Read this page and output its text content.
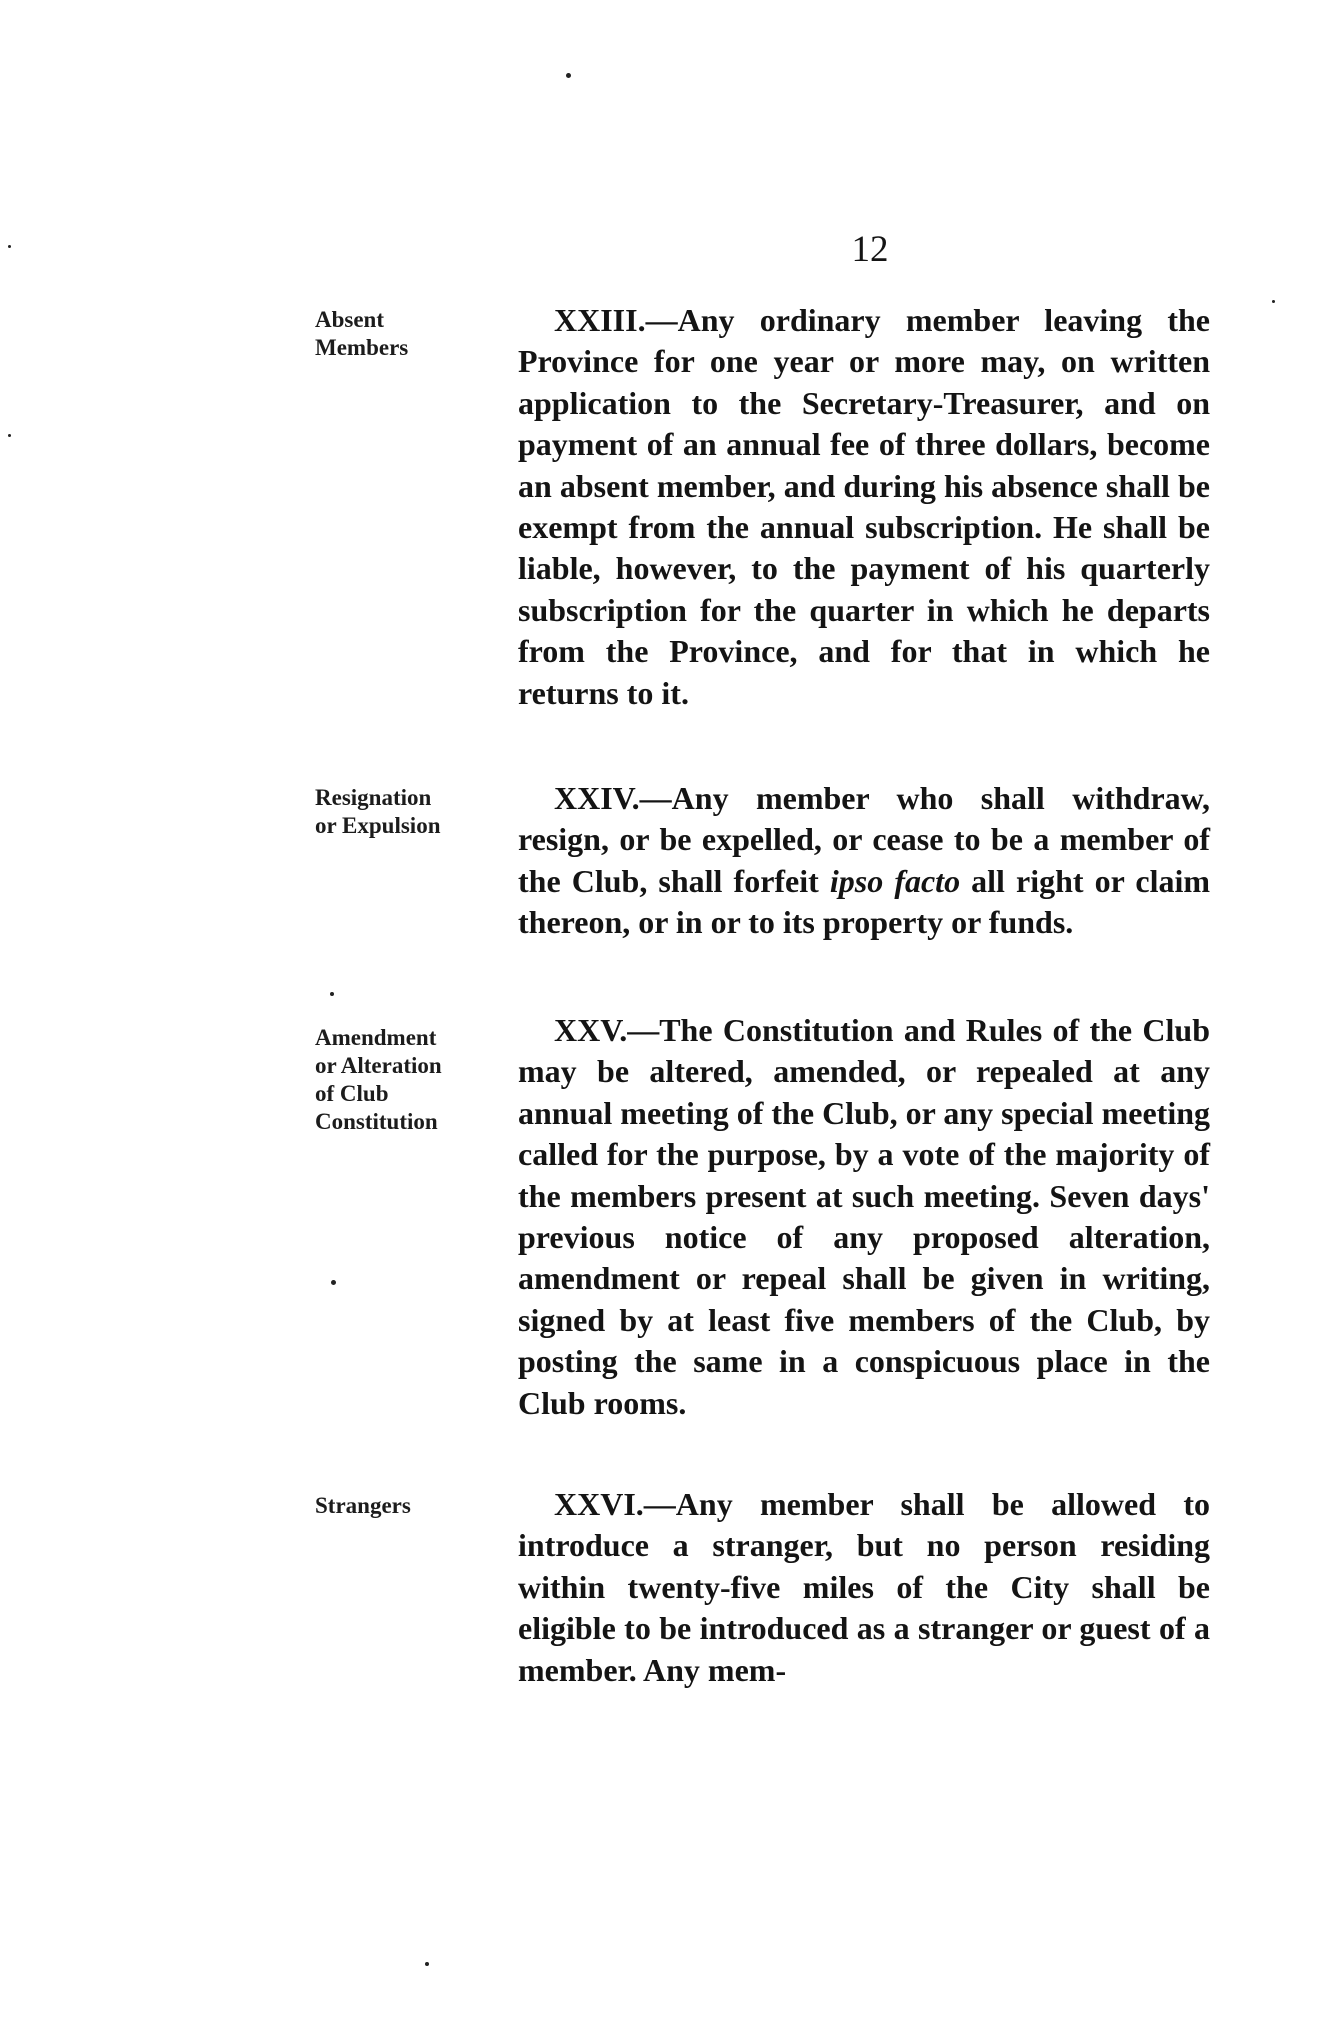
12
Absent
Members
XXIII.—Any ordinary member leaving the Province for one year or more may, on written application to the Secretary-Treasurer, and on payment of an annual fee of three dollars, become an absent member, and during his absence shall be exempt from the annual subscription. He shall be liable, however, to the payment of his quarterly subscription for the quarter in which he departs from the Province, and for that in which he returns to it.
Resignation
or Expulsion
XXIV.—Any member who shall withdraw, resign, or be expelled, or cease to be a member of the Club, shall forfeit ipso facto all right or claim thereon, or in or to its property or funds.
Amendment
or Alteration
of Club
Constitution
XXV.—The Constitution and Rules of the Club may be altered, amended, or repealed at any annual meeting of the Club, or any special meeting called for the purpose, by a vote of the majority of the members present at such meeting. Seven days' previous notice of any proposed alteration, amendment or repeal shall be given in writing, signed by at least five members of the Club, by posting the same in a conspicuous place in the Club rooms.
Strangers	XXVI.—Any member shall be allowed to introduce a stranger, but no person residing within twenty-five miles of the City shall be eligible to be introduced as a stranger or guest of a member. Any mem-
